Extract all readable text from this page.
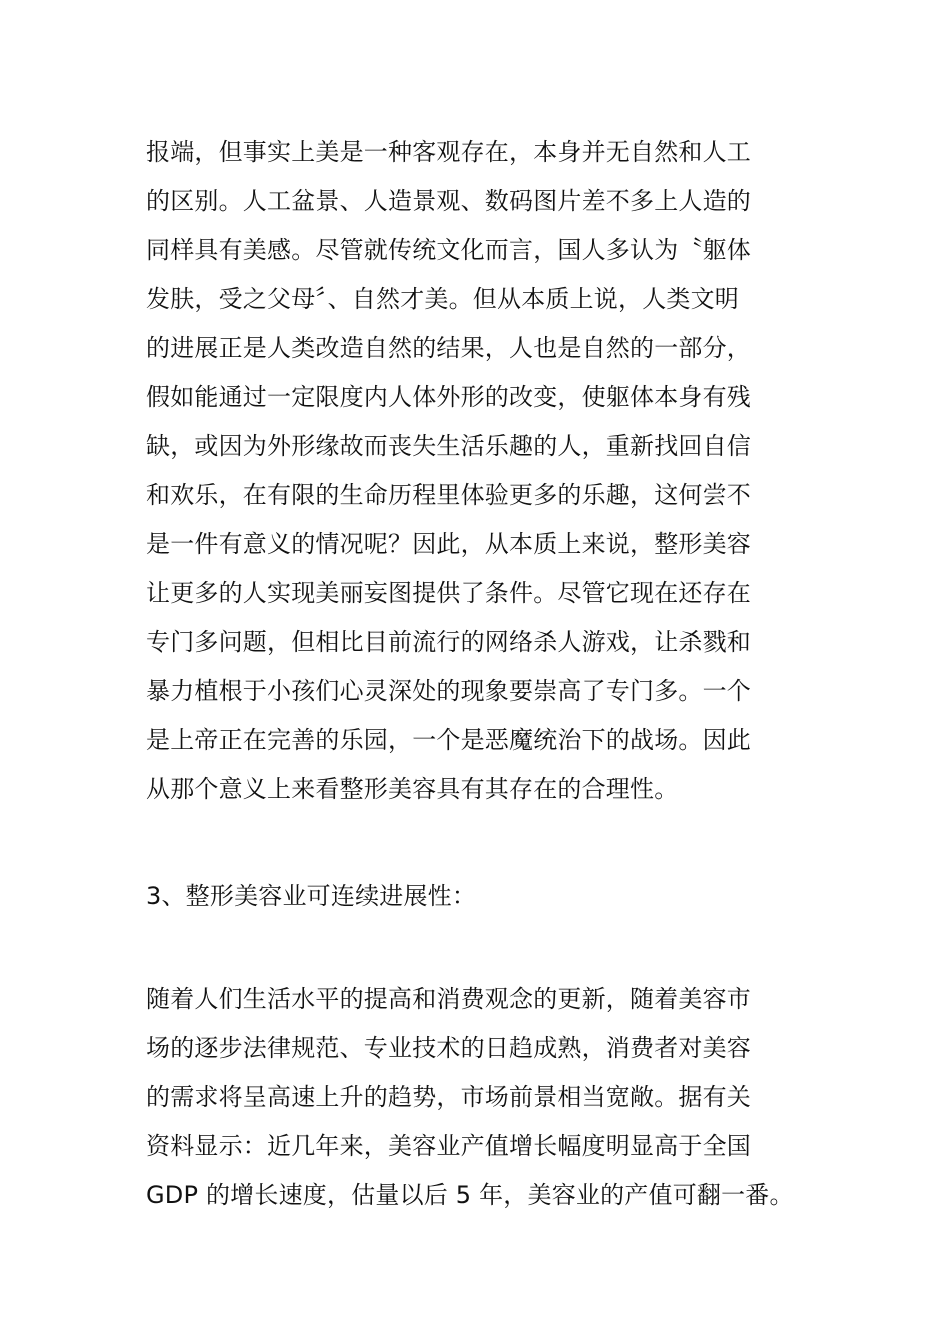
报端，但事实上美是一种客观存在，本身并无自然和人工
的区别。人工盆景、人造景观、数码图片差不多上人造的
同样具有美感。尽管就传统文化而言，国人多认为〝躯体
发肤，受之父母〞、自然才美。但从本质上说，人类文明
的进展正是人类改造自然的结果，人也是自然的一部分，
假如能通过一定限度内人体外形的改变，使躯体本身有残
缺，或因为外形缘故而丧失生活乐趣的人，重新找回自信
和欢乐，在有限的生命历程里体验更多的乐趣，这何尝不
是一件有意义的情况呢？因此，从本质上来说，整形美容
让更多的人实现美丽妄图提供了条件。尽管它现在还存在
专门多问题，但相比目前流行的网络杀人游戏，让杀戮和
暴力植根于小孩们心灵深处的现象要崇高了专门多。一个
是上帝正在完善的乐园，一个是恶魔统治下的战场。因此
从那个意义上来看整形美容具有其存在的合理性。
3、整形美容业可连续进展性：
随着人们生活水平的提高和消费观念的更新，随着美容市
场的逐步法律规范、专业技术的日趋成熟，消费者对美容
的需求将呈高速上升的趋势，市场前景相当宽敞。据有关
资料显示：近几年来，美容业产值增长幅度明显高于全国
GDP 的增长速度，估量以后 5 年，美容业的产值可翻一番。
